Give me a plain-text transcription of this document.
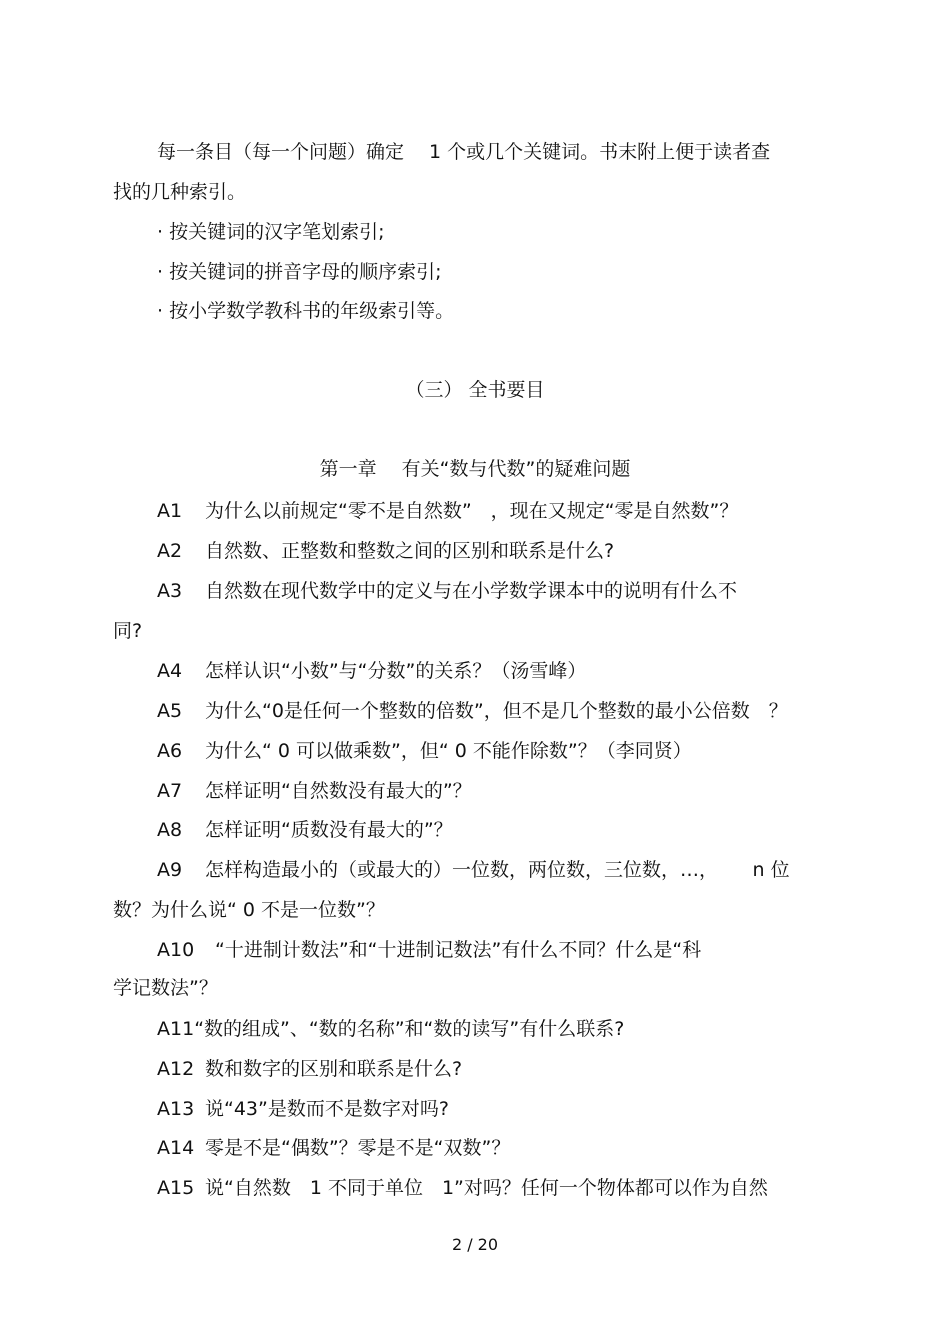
每一条目（每一个问题）确定　 1 个或几个关键词。书末附上便于读者查
找的几种索引。
· 按关键词的汉字笔划索引;
· 按关键词的拼音字母的顺序索引;
· 按小学数学教科书的年级索引等。
（三） 全书要目
第一章　 有关“数与代数”的疑难问题
A1 为什么以前规定“零不是自然数”　，现在又规定“零是自然数”？
A2 自然数、正整数和整数之间的区别和联系是什么?
A3 自然数在现代数学中的定义与在小学数学课本中的说明有什么不
同?
A4 怎样认识“小数”与“分数”的关系？（汤雪峰）
A5 为什么“0是任何一个整数的倍数”，但不是几个整数的最小公倍数　？
A6 为什么“ 0 可以做乘数”，但“ 0 不能作除数”？（李同贤）
A7 怎样证明“自然数没有最大的”？
A8 怎样证明“质数没有最大的”？
A9 怎样构造最小的（或最大的）一位数，两位数，三位数，…，　　 n 位
数？为什么说“ 0 不是一位数”？
A10 “十进制计数法”和“十进制记数法”有什么不同？什么是“科
学记数法”？
A11“数的组成”、“数的名称”和“数的读写”有什么联系?
A12 数和数字的区别和联系是什么?
A13 说“43”是数而不是数字对吗?
A14 零是不是“偶数”？零是不是“双数”？
A15 说“自然数　1 不同于单位　1”对吗？任何一个物体都可以作为自然
2 / 20
